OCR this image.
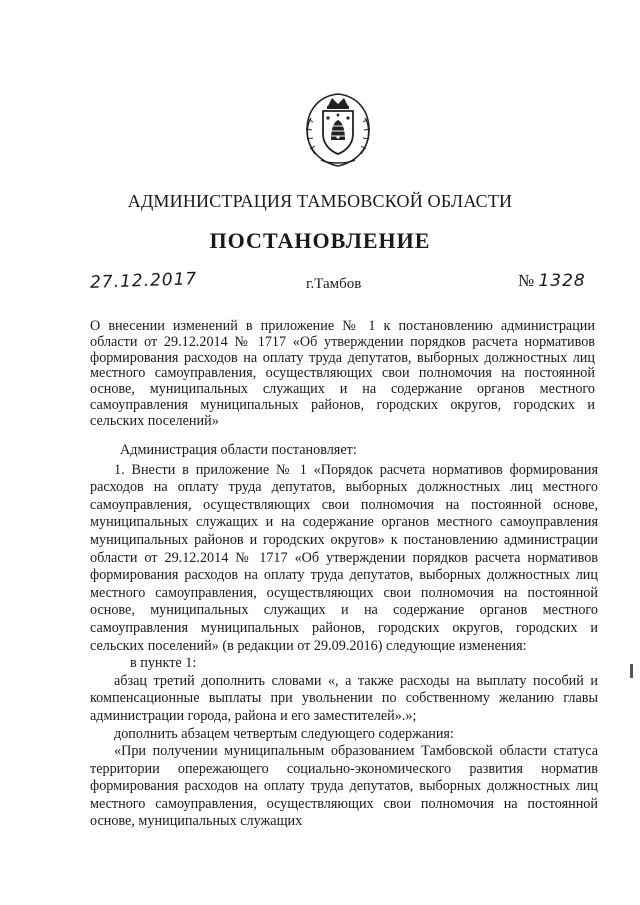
АДМИНИСТРАЦИЯ ТАМБОВСКОЙ ОБЛАСТИ
ПОСТАНОВЛЕНИЕ
27.12.2017	г.Тамбов	№ 1328
О внесении изменений в приложение № 1 к постановлению администрации области от 29.12.2014 № 1717 «Об утверждении порядков расчета нормативов формирования расходов на оплату труда депутатов, выборных должностных лиц местного самоуправления, осуществляющих свои полномочия на постоянной основе, муниципальных служащих и на содержание органов местного самоуправления муниципальных районов, городских округов, городских и сельских поселений»

Администрация области постановляет:

1. Внести в приложение № 1 «Порядок расчета нормативов формирования расходов на оплату труда депутатов, выборных должностных лиц местного самоуправления, осуществляющих свои полномочия на постоянной основе, муниципальных служащих и на содержание органов местного самоуправления муниципальных районов и городских округов» к постановлению администрации области от 29.12.2014 № 1717 «Об утверждении порядков расчета нормативов формирования расходов на оплату труда депутатов, выборных должностных лиц местного самоуправления, осуществляющих свои полномочия на постоянной основе, муниципальных служащих и на содержание органов местного самоуправления муниципальных районов, городских округов, городских и сельских поселений» (в редакции от 29.09.2016) следующие изменения:

в пункте 1:

абзац третий дополнить словами «, а также расходы на выплату пособий и компенсационные выплаты при увольнении по собственному желанию главы администрации города, района и его заместителей».»;

дополнить абзацем четвертым следующего содержания:

«При получении муниципальным образованием Тамбовской области статуса территории опережающего социально-экономического развития норматив формирования расходов на оплату труда депутатов, выборных должностных лиц местного самоуправления, осуществляющих свои полномочия на постоянной основе, муниципальных служащих
